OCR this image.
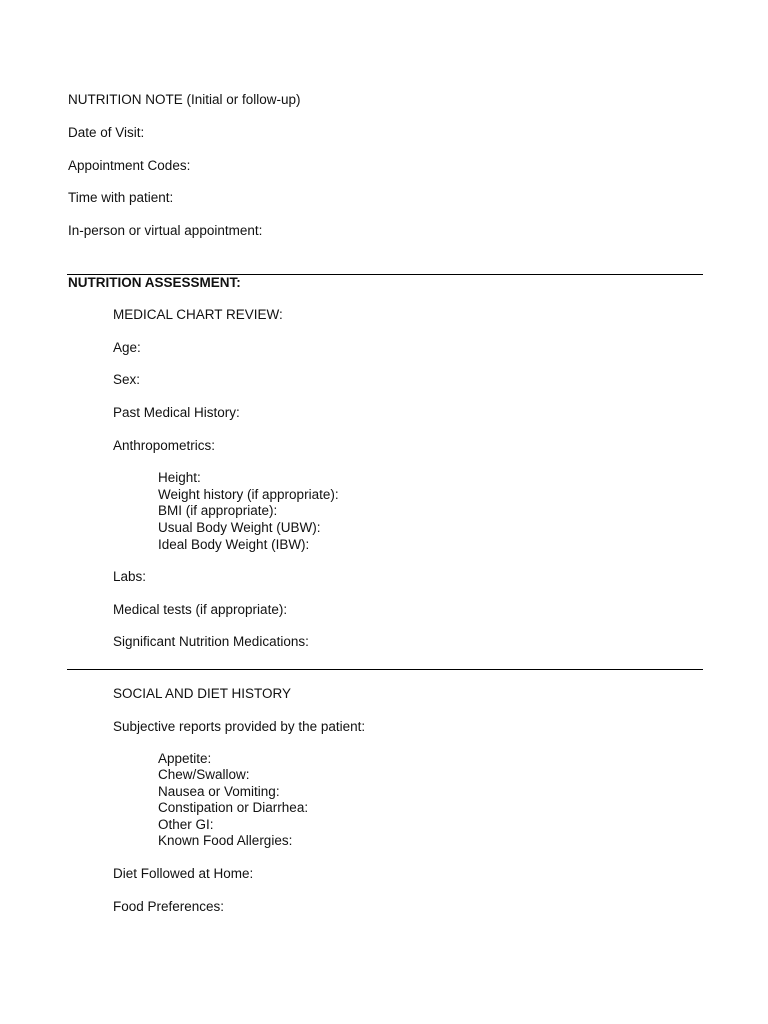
NUTRITION NOTE (Initial or follow-up)
Date of Visit:
Appointment Codes:
Time with patient:
In-person or virtual appointment:
NUTRITION ASSESSMENT:
MEDICAL CHART REVIEW:
Age:
Sex:
Past Medical History:
Anthropometrics:
Height:
Weight history (if appropriate):
BMI (if appropriate):
Usual Body Weight (UBW):
Ideal Body Weight (IBW):
Labs:
Medical tests (if appropriate):
Significant Nutrition Medications:
SOCIAL AND DIET HISTORY
Subjective reports provided by the patient:
Appetite:
Chew/Swallow:
Nausea or Vomiting:
Constipation or Diarrhea:
Other GI:
Known Food Allergies:
Diet Followed at Home:
Food Preferences:
